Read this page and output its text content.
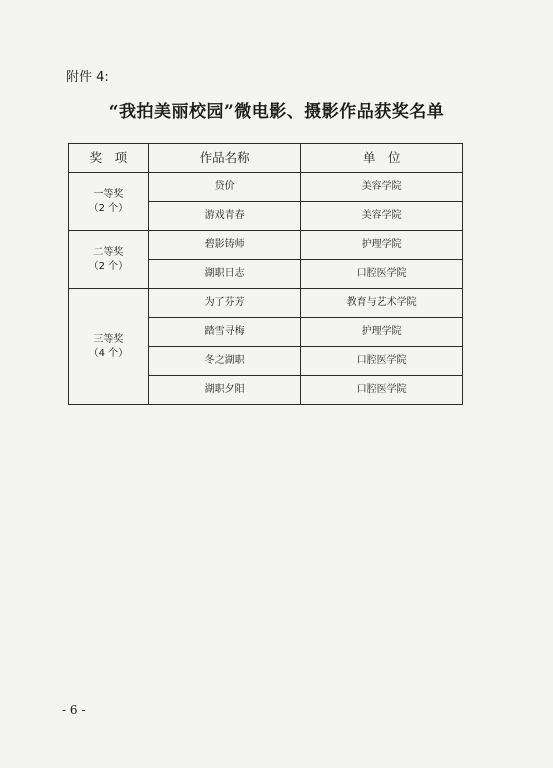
附件 4:
“我拍美丽校园”微电影、摄影作品获奖名单
奖　项	作品名称	单　位

一等奖
（2 个）	贷价	美容学院
	游戏青春	美容学院

二等奖
（2 个）	碧影铸师	护理学院
	湖职日志	口腔医学院

三等奖
（4 个）	为了芬芳	教育与艺术学院
	踏雪寻梅	护理学院
	冬之湖职	口腔医学院
	湖职夕阳	口腔医学院
- 6 -
